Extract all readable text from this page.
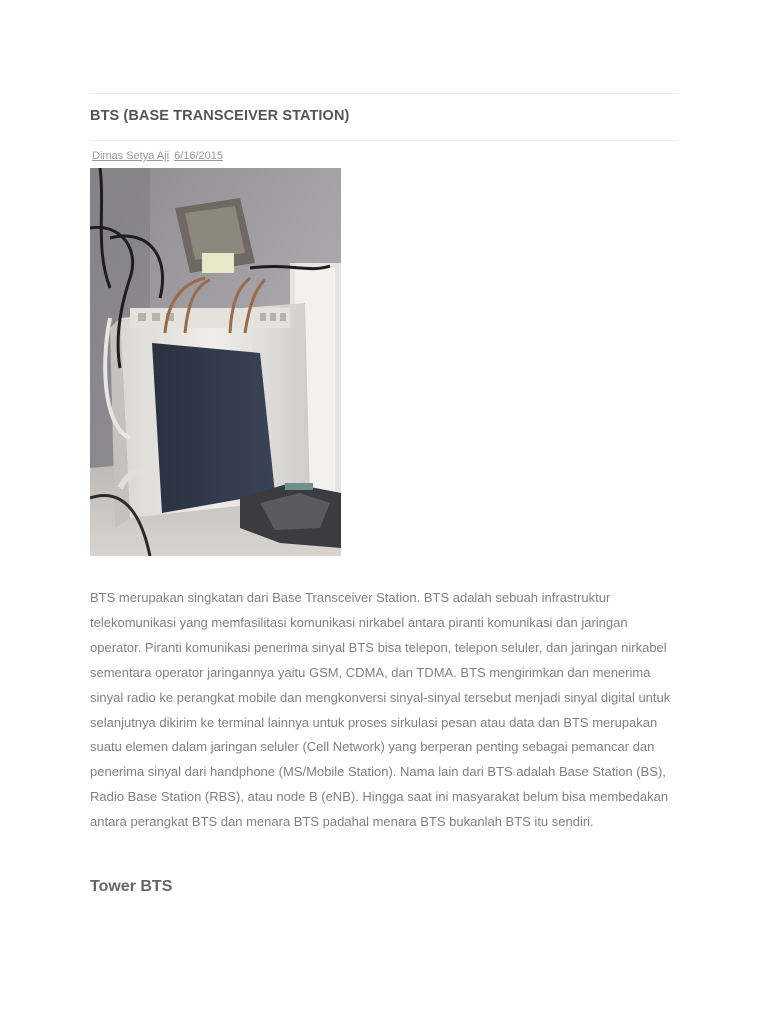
BTS (BASE TRANSCEIVER STATION)
Dimas Setya Aji 6/16/2015

BTS merupakan singkatan dari Base Transceiver Station. BTS adalah sebuah infrastruktur telekomunikasi yang memfasilitasi komunikasi nirkabel antara piranti komunikasi dan jaringan operator. Piranti komunikasi penerima sinyal BTS bisa telepon, telepon seluler, dan jaringan nirkabel sementara operator jaringannya yaitu GSM, CDMA, dan TDMA. BTS mengirimkan dan menerima sinyal radio ke perangkat mobile dan mengkonversi sinyal-sinyal tersebut menjadi sinyal digital untuk selanjutnya dikirim ke terminal lainnya untuk proses sirkulasi pesan atau data dan BTS merupakan suatu elemen dalam jaringan seluler (Cell Network) yang berperan penting sebagai pemancar dan penerima sinyal dari handphone (MS/Mobile Station). Nama lain dari BTS adalah Base Station (BS), Radio Base Station (RBS), atau node B (eNB). Hingga saat ini masyarakat belum bisa membedakan antara perangkat BTS dan menara BTS padahal menara BTS bukanlah BTS itu sendiri.

Tower BTS
